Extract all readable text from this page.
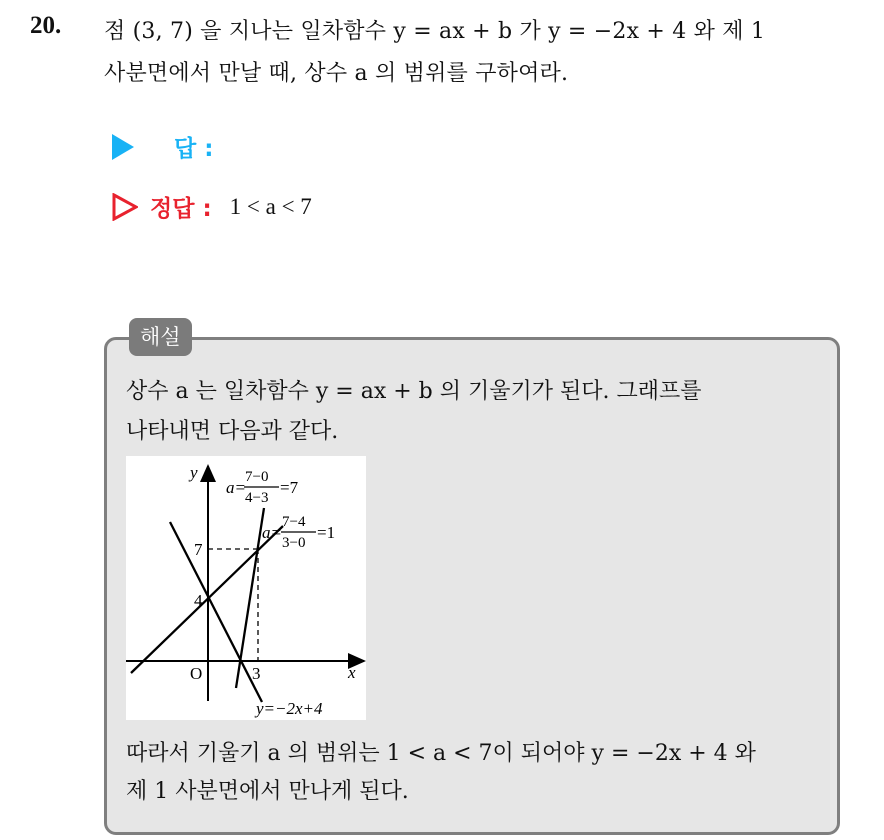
20. 점 (3, 7) 을 지나는 일차함수 y = ax + b 가 y = −2x + 4 와 제 1
사분면에서 만날 때, 상수 a 의 범위를 구하여라.
답 :
정답 : 1 < a < 7
해설
상수 a 는 일차함수 y = ax + b 의 기울기가 된다. 그래프를
나타내면 다음과 같다.
y
x
O
7
4
3
a=
7−0
4−3
=7
a=
7−4
3−0
=1
y=−2x+4
따라서 기울기 a 의 범위는 1 < a < 7이 되어야 y = −2x + 4 와
제 1 사분면에서 만나게 된다.
